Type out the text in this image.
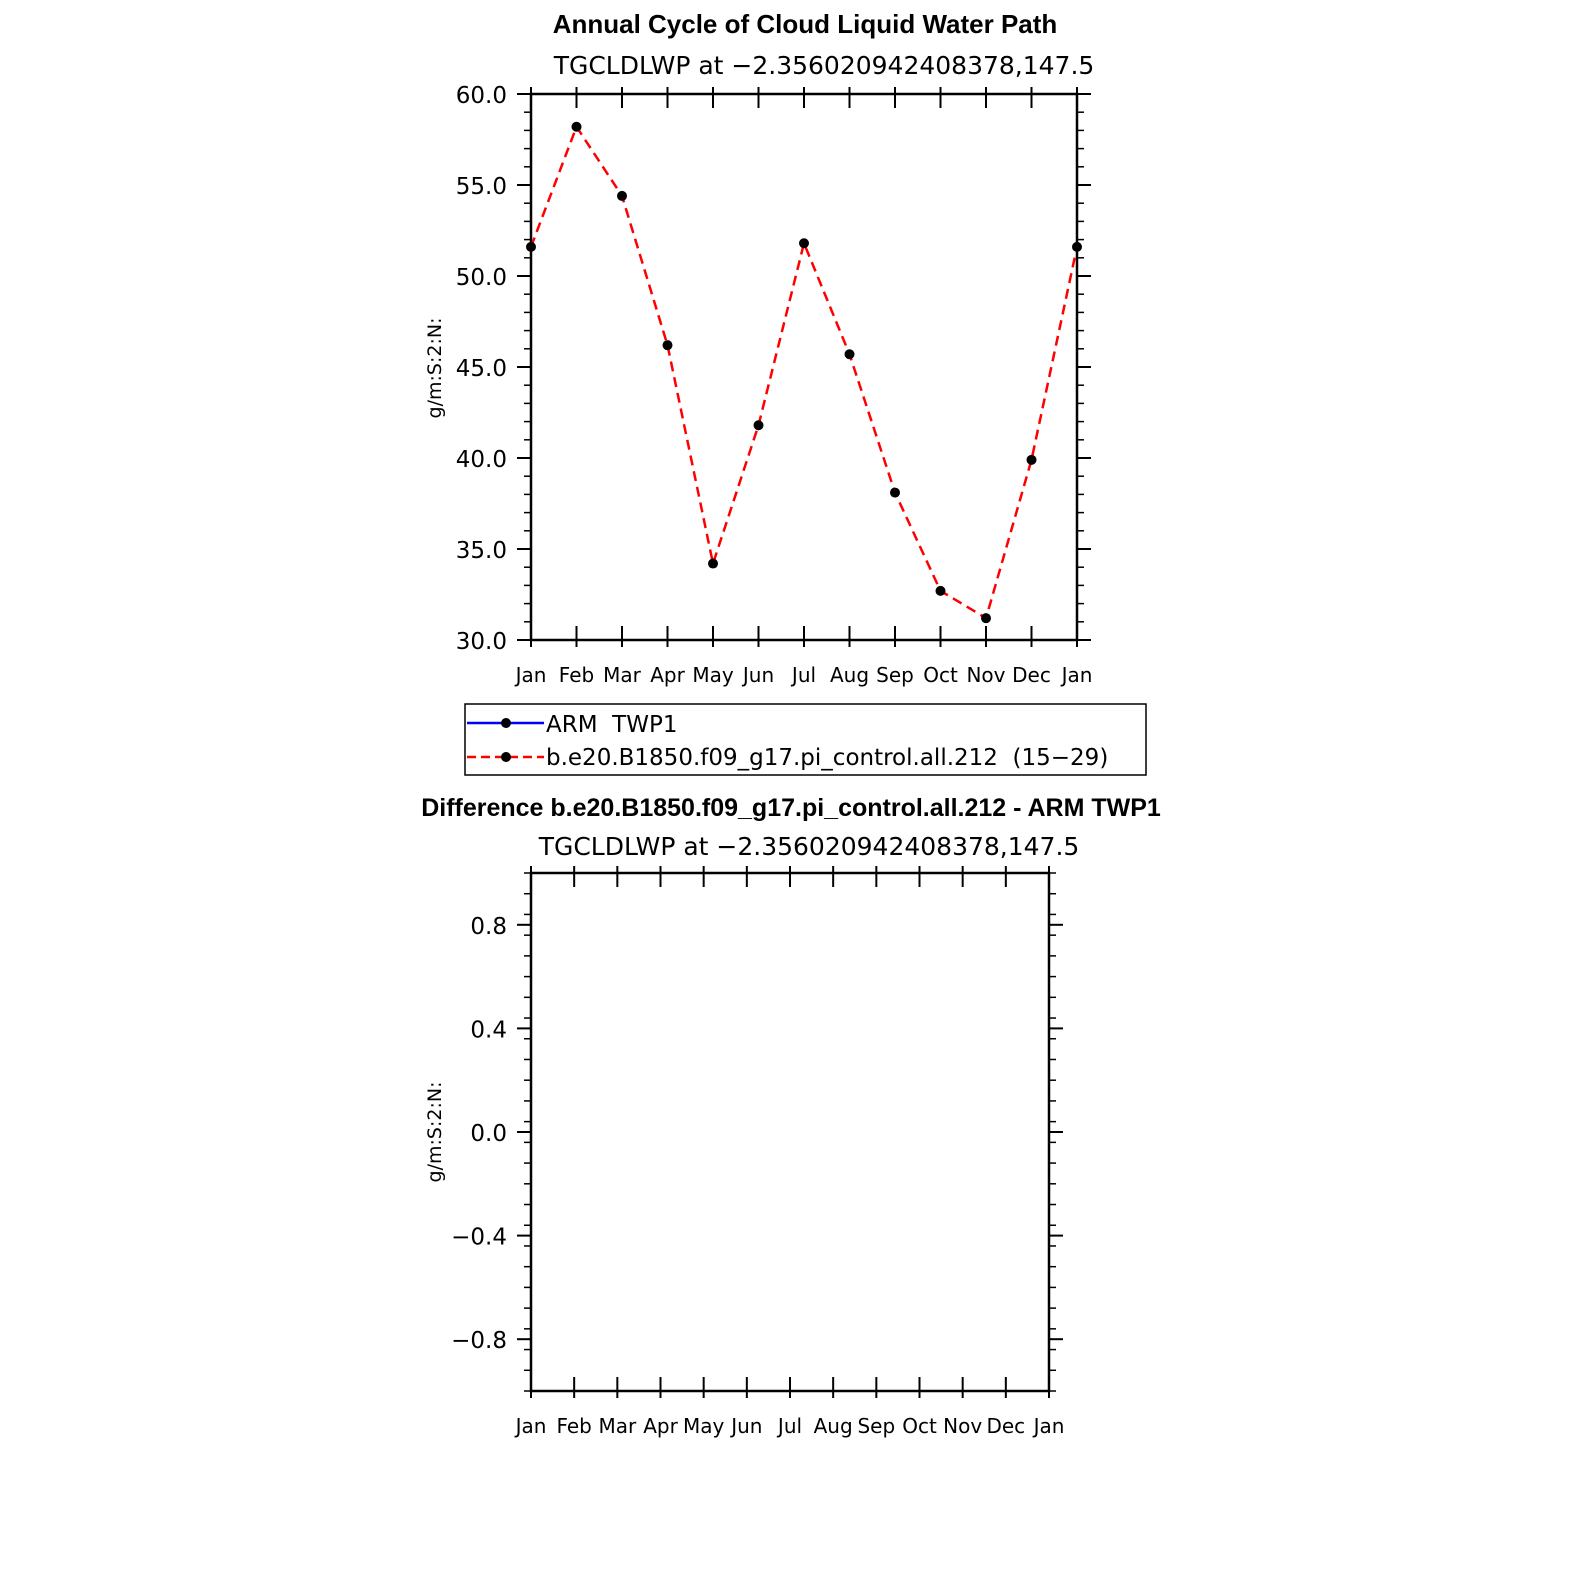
Annual Cycle of Cloud Liquid Water Path
TGCLDLWP at −2.356020942408378,147.5
g/m:S:2:N:
Jan Feb Mar Apr May Jun Jul Aug Sep Oct Nov Dec Jan
30.0
35.0
40.0
45.0
50.0
55.0
60.0
ARM  TWP1
b.e20.B1850.f09_g17.pi_control.all.212  (15−29)
Difference b.e20.B1850.f09_g17.pi_control.all.212 - ARM TWP1
TGCLDLWP at −2.356020942408378,147.5
g/m:S:2:N:
Jan Feb Mar Apr May Jun Jul Aug Sep Oct Nov Dec Jan
−0.8
−0.4
0.0
0.4
0.8
